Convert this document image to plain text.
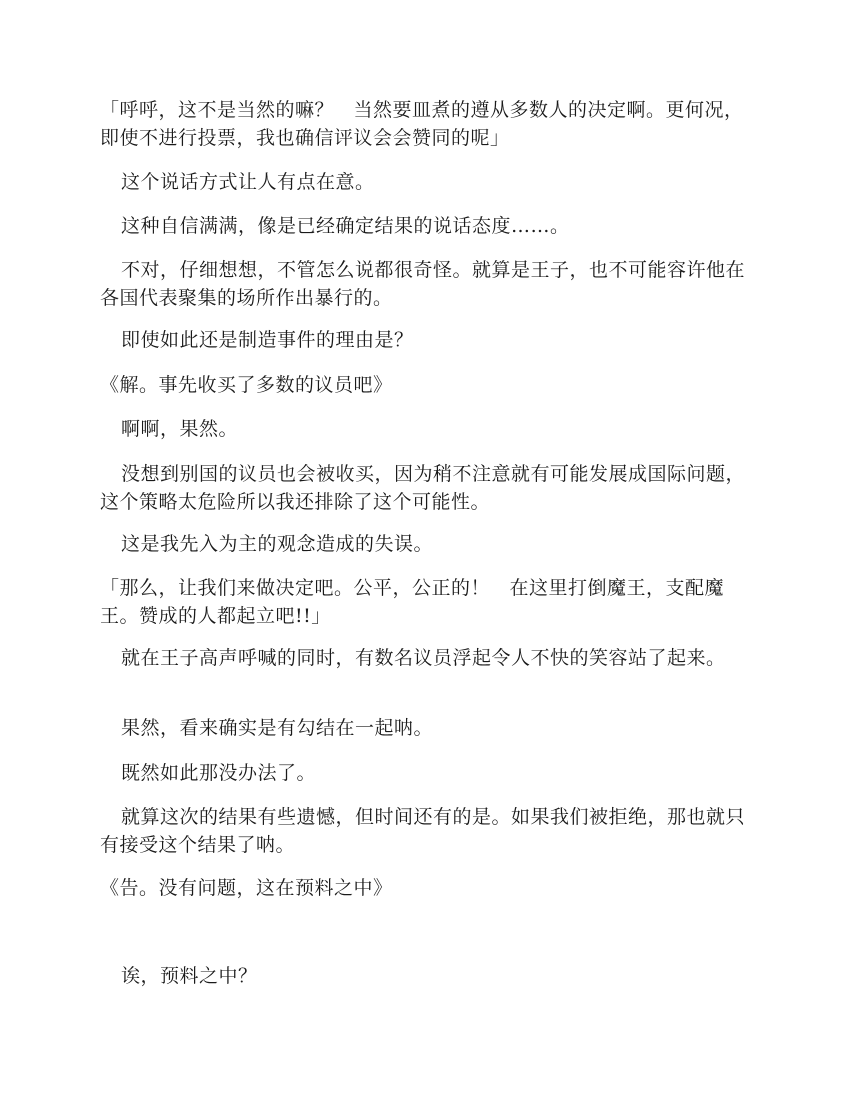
「呼呼，这不是当然的嘛？　当然要皿煮的遵从多数人的决定啊。更何况，即使不进行投票，我也确信评议会会赞同的呢」

这个说话方式让人有点在意。

这种自信满满，像是已经确定结果的说话态度……。

不对，仔细想想，不管怎么说都很奇怪。就算是王子，也不可能容许他在各国代表聚集的场所作出暴行的。

即使如此还是制造事件的理由是？

《解。事先收买了多数的议员吧》

啊啊，果然。

没想到别国的议员也会被收买，因为稍不注意就有可能发展成国际问题，这个策略太危险所以我还排除了这个可能性。

这是我先入为主的观念造成的失误。

「那么，让我们来做决定吧。公平，公正的！　在这里打倒魔王，支配魔王。赞成的人都起立吧!!」

就在王子高声呼喊的同时，有数名议员浮起令人不快的笑容站了起来。

果然，看来确实是有勾结在一起呐。

既然如此那没办法了。

就算这次的结果有些遗憾，但时间还有的是。如果我们被拒绝，那也就只有接受这个结果了呐。

《告。没有问题，这在预料之中》

诶，预料之中？
